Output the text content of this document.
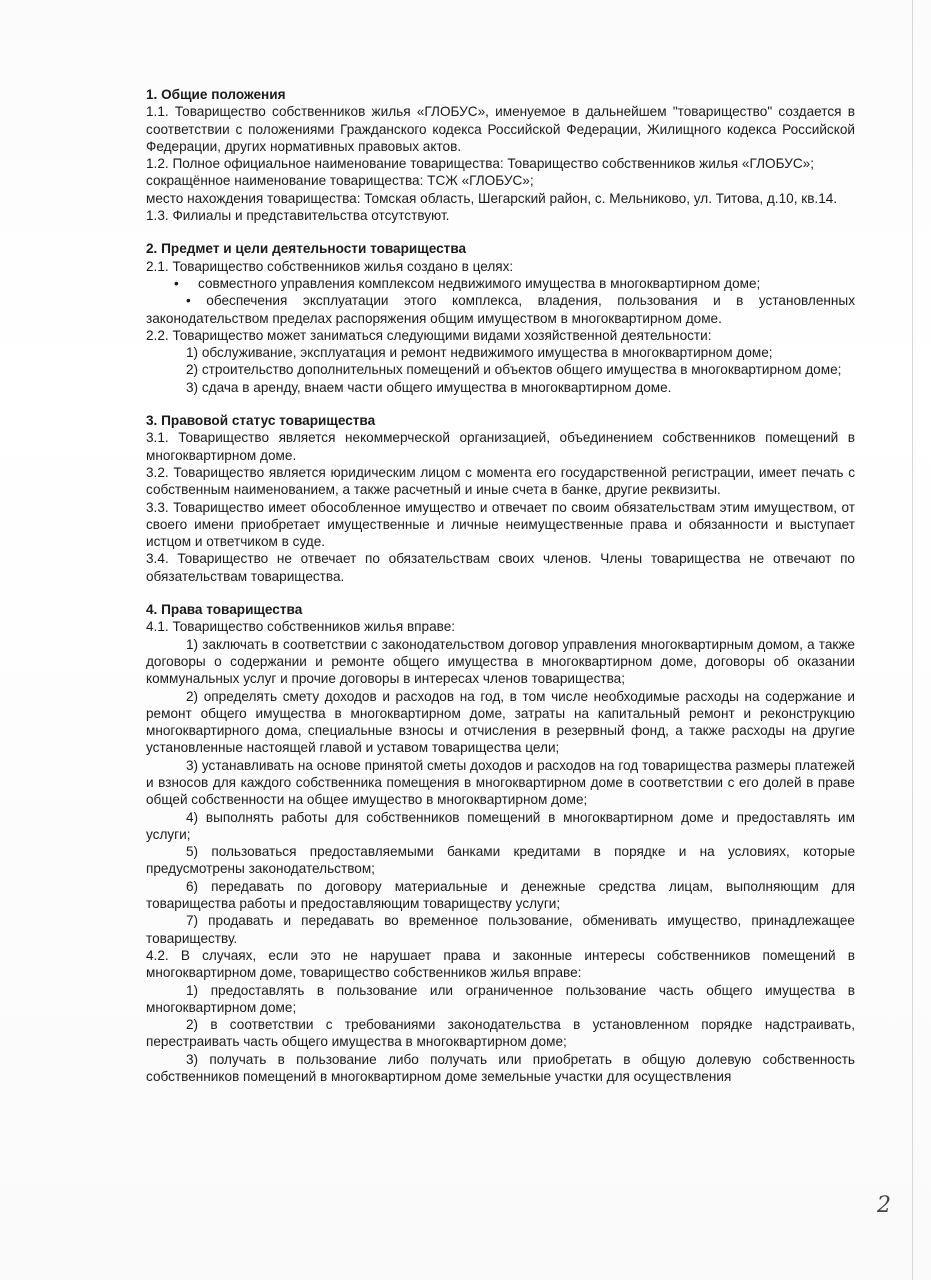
1. Общие положения

1.1. Товарищество собственников жилья «ГЛОБУС», именуемое в дальнейшем "товарищество" создается в соответствии с положениями Гражданского кодекса Российской Федерации, Жилищного кодекса Российской Федерации, других нормативных правовых актов.

1.2. Полное официальное наименование товарищества: Товарищество собственников жилья «ГЛОБУС»;

сокращённое наименование товарищества: ТСЖ «ГЛОБУС»;

место нахождения товарищества: Томская область, Шегарский район, с. Мельниково, ул. Титова, д.10, кв.14.

1.3. Филиалы и представительства отсутствуют.

2. Предмет и цели деятельности товарищества

2.1. Товарищество собственников жилья создано в целях:

•	совместного управления комплексом недвижимого имущества в многоквартирном доме;

• обеспечения эксплуатации этого комплекса, владения, пользования и в установленных законодательством пределах распоряжения общим имуществом в многоквартирном доме.

2.2. Товарищество может заниматься следующими видами хозяйственной деятельности:

1) обслуживание, эксплуатация и ремонт недвижимого имущества в многоквартирном доме;

2) строительство дополнительных помещений и объектов общего имущества в многоквартирном доме;

3) сдача в аренду, внаем части общего имущества в многоквартирном доме.

3. Правовой статус товарищества

3.1. Товарищество является некоммерческой организацией, объединением собственников помещений в многоквартирном доме.

3.2. Товарищество является юридическим лицом с момента его государственной регистрации, имеет печать с собственным наименованием, а также расчетный и иные счета в банке, другие реквизиты.

3.3. Товарищество имеет обособленное имущество и отвечает по своим обязательствам этим имуществом, от своего имени приобретает имущественные и личные неимущественные права и обязанности и выступает истцом и ответчиком в суде.

3.4. Товарищество не отвечает по обязательствам своих членов. Члены товарищества не отвечают по обязательствам товарищества.

4. Права товарищества

4.1. Товарищество собственников жилья вправе:

1) заключать в соответствии с законодательством договор управления многоквартирным домом, а также договоры о содержании и ремонте общего имущества в многоквартирном доме, договоры об оказании коммунальных услуг и прочие договоры в интересах членов товарищества;

2) определять смету доходов и расходов на год, в том числе необходимые расходы на содержание и ремонт общего имущества в многоквартирном доме, затраты на капитальный ремонт и реконструкцию многоквартирного дома, специальные взносы и отчисления в резервный фонд, а также расходы на другие установленные настоящей главой и уставом товарищества цели;

3) устанавливать на основе принятой сметы доходов и расходов на год товарищества размеры платежей и взносов для каждого собственника помещения в многоквартирном доме в соответствии с его долей в праве общей собственности на общее имущество в многоквартирном доме;

4) выполнять работы для собственников помещений в многоквартирном доме и предоставлять им услуги;

5) пользоваться предоставляемыми банками кредитами в порядке и на условиях, которые предусмотрены законодательством;

6) передавать по договору материальные и денежные средства лицам, выполняющим для товарищества работы и предоставляющим товариществу услуги;

7) продавать и передавать во временное пользование, обменивать имущество, принадлежащее товариществу.

4.2. В случаях, если это не нарушает права и законные интересы собственников помещений в многоквартирном доме, товарищество собственников жилья вправе:

1) предоставлять в пользование или ограниченное пользование часть общего имущества в многоквартирном доме;

2) в соответствии с требованиями законодательства в установленном порядке надстраивать, перестраивать часть общего имущества в многоквартирном доме;

3) получать в пользование либо получать или приобретать в общую долевую собственность собственников помещений в многоквартирном доме земельные участки для осуществления

2
